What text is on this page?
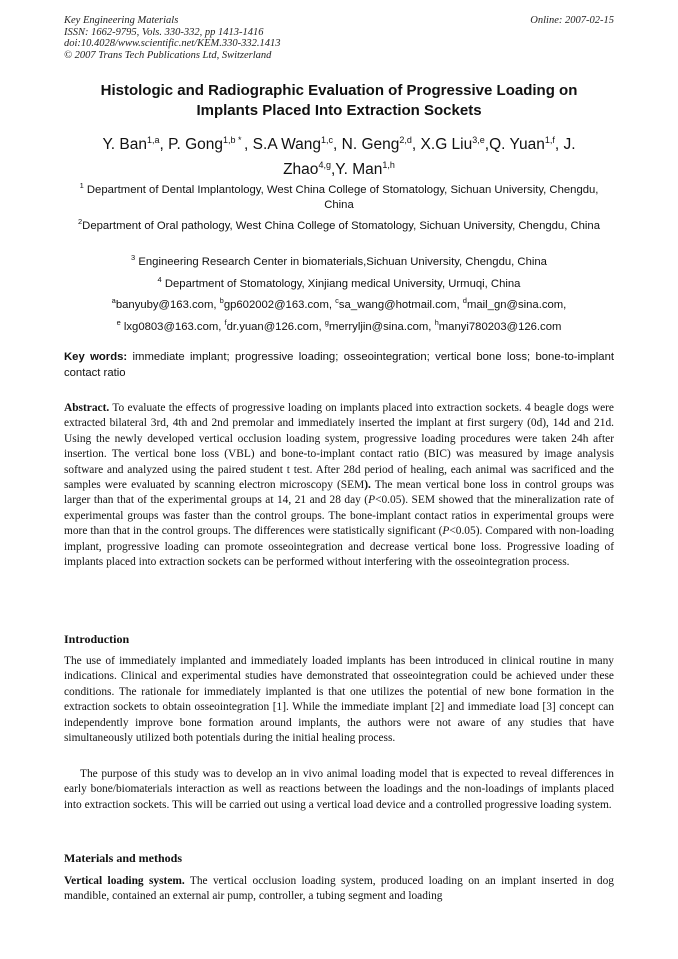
Key Engineering Materials
ISSN: 1662-9795, Vols. 330-332, pp 1413-1416
doi:10.4028/www.scientific.net/KEM.330-332.1413
© 2007 Trans Tech Publications Ltd, Switzerland
Online: 2007-02-15
Histologic and Radiographic Evaluation of Progressive Loading on Implants Placed Into Extraction Sockets
Y. Ban$^{1,a}$, P. Gong$^{1,b *}$ , S.A Wang$^{1,c}$, N. Geng$^{2,d}$, X.G Liu$^{3,e}$,Q. Yuan$^{1,f}$, J. Zhao$^{4,g}$,Y. Man$^{1,h}$
$^1$ Department of Dental Implantology, West China College of Stomatology, Sichuan University, Chengdu, China
$^2$Department of Oral pathology, West China College of Stomatology, Sichuan University, Chengdu, China
$^3$ Engineering Research Center in biomaterials,Sichuan University, Chengdu, China
$^4$ Department of Stomatology, Xinjiang medical University, Urmuqi, China
$^a$banyuby@163.com, $^b$gp602002@163.com, $^c$sa_wang@hotmail.com, $^d$mail_gn@sina.com,
$^e$ lxg0803@163.com, $^f$dr.yuan@126.com, $^g$merryljin@sina.com, $^h$manyi780203@126.com
Key words: immediate implant; progressive loading; osseointegration; vertical bone loss; bone-to-implant contact ratio
Abstract. To evaluate the effects of progressive loading on implants placed into extraction sockets. 4 beagle dogs were extracted bilateral 3rd, 4th and 2nd premolar and immediately inserted the implant at first surgery (0d), 14d and 21d. Using the newly developed vertical occlusion loading system, progressive loading procedures were taken 24h after insertion. The vertical bone loss (VBL) and bone-to-implant contact ratio (BIC) was measured by image analysis software and analyzed using the paired student t test. After 28d period of healing, each animal was sacrificed and the samples were evaluated by scanning electron microscopy (SEM). The mean vertical bone loss in control groups was larger than that of the experimental groups at 14, 21 and 28 day (P<0.05). SEM showed that the mineralization rate of experimental groups was faster than the control groups. The bone-implant contact ratios in experimental groups were more than that in the control groups. The differences were statistically significant (P<0.05). Compared with non-loading implant, progressive loading can promote osseointegration and decrease vertical bone loss. Progressive loading of implants placed into extraction sockets can be performed without interfering with the osseointegration process.
Introduction
The use of immediately implanted and immediately loaded implants has been introduced in clinical routine in many indications. Clinical and experimental studies have demonstrated that osseointegration could be achieved under these conditions. The rationale for immediately implanted is that one utilizes the potential of new bone formation in the extraction sockets to obtain osseointegration [1]. While the immediate implant [2] and immediate load [3] concept can independently improve bone formation around implants, the authors were not aware of any studies that have simultaneously utilized both potentials during the initial healing process.
The purpose of this study was to develop an in vivo animal loading model that is expected to reveal differences in early bone/biomaterials interaction as well as reactions between the loadings and the non-loadings of implants placed into extraction sockets. This will be carried out using a vertical load device and a controlled progressive loading system.
Materials and methods
Vertical loading system. The vertical occlusion loading system, produced loading on an implant inserted in dog mandible, contained an external air pump, controller, a tubing segment and loading
